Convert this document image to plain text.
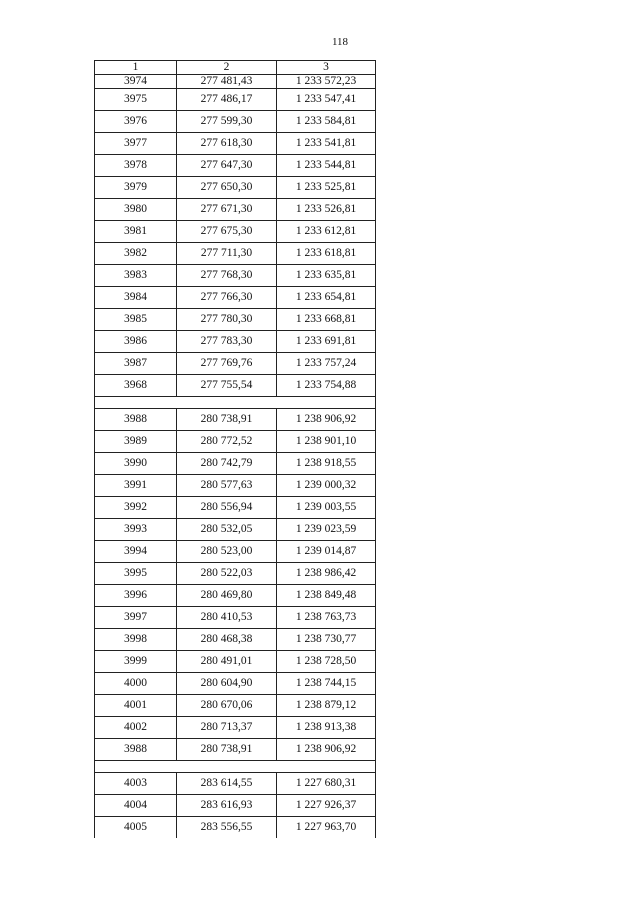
118
1	2	3
3974	277 481,43	1 233 572,23
3975	277 486,17	1 233 547,41
3976	277 599,30	1 233 584,81
3977	277 618,30	1 233 541,81
3978	277 647,30	1 233 544,81
3979	277 650,30	1 233 525,81
3980	277 671,30	1 233 526,81
3981	277 675,30	1 233 612,81
3982	277 711,30	1 233 618,81
3983	277 768,30	1 233 635,81
3984	277 766,30	1 233 654,81
3985	277 780,30	1 233 668,81
3986	277 783,30	1 233 691,81
3987	277 769,76	1 233 757,24
3968	277 755,54	1 233 754,88

3988	280 738,91	1 238 906,92
3989	280 772,52	1 238 901,10
3990	280 742,79	1 238 918,55
3991	280 577,63	1 239 000,32
3992	280 556,94	1 239 003,55
3993	280 532,05	1 239 023,59
3994	280 523,00	1 239 014,87
3995	280 522,03	1 238 986,42
3996	280 469,80	1 238 849,48
3997	280 410,53	1 238 763,73
3998	280 468,38	1 238 730,77
3999	280 491,01	1 238 728,50
4000	280 604,90	1 238 744,15
4001	280 670,06	1 238 879,12
4002	280 713,37	1 238 913,38
3988	280 738,91	1 238 906,92

4003	283 614,55	1 227 680,31
4004	283 616,93	1 227 926,37
4005	283 556,55	1 227 963,70
